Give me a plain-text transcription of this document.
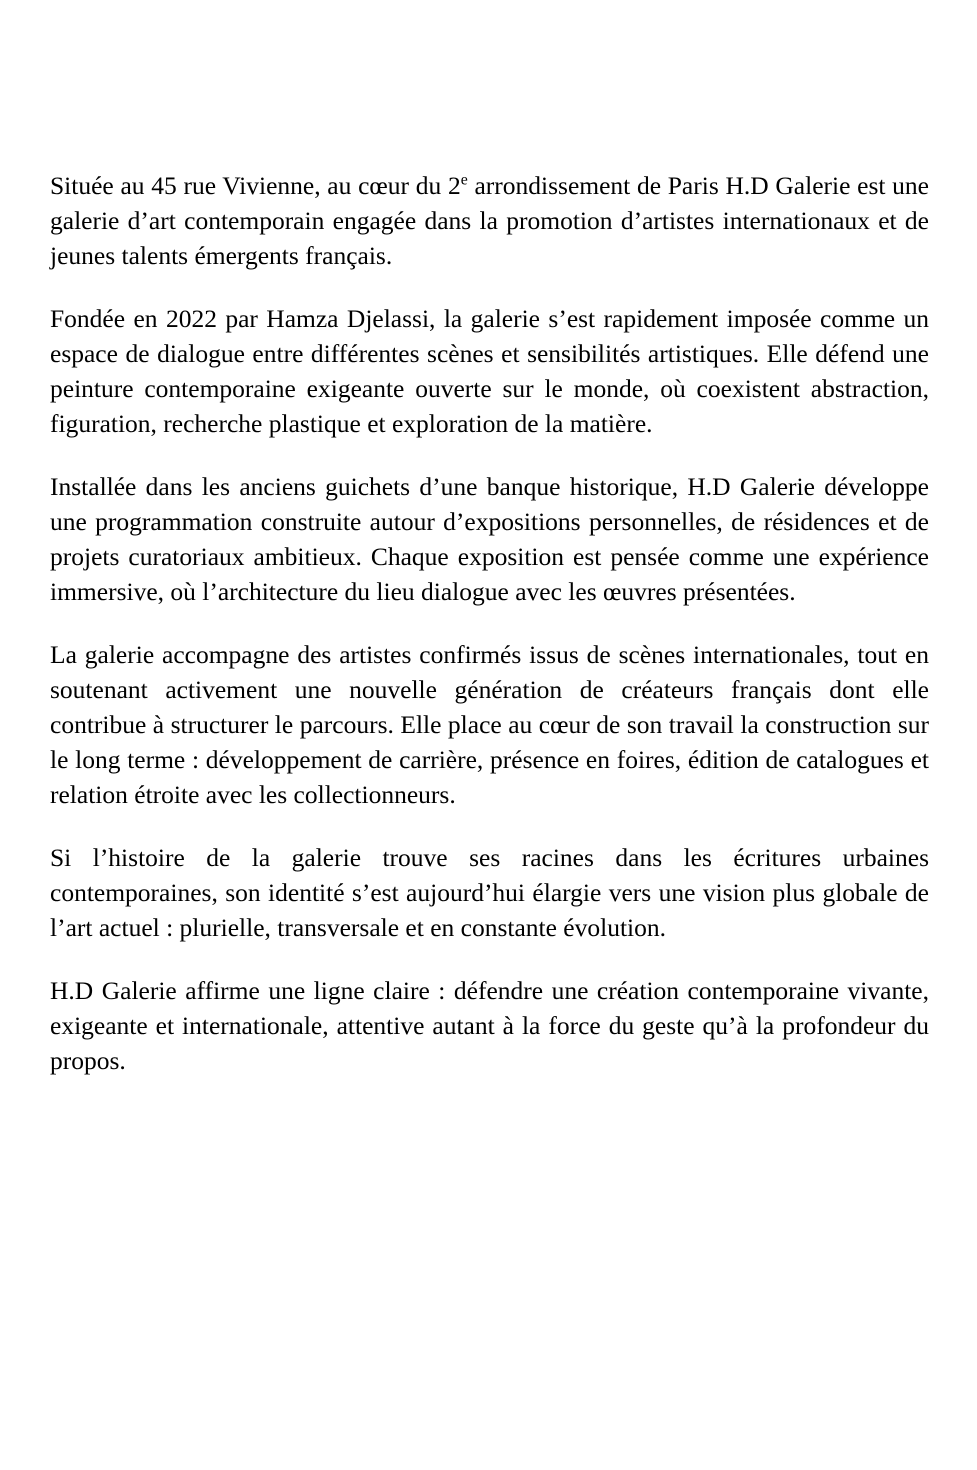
Située au 45 rue Vivienne, au cœur du 2e arrondissement de Paris H.D Galerie est une galerie d’art contemporain engagée dans la promotion d’artistes internationaux et de jeunes talents émergents français.

Fondée en 2022 par Hamza Djelassi, la galerie s’est rapidement imposée comme un espace de dialogue entre différentes scènes et sensibilités artistiques. Elle défend une peinture contemporaine exigeante ouverte sur le monde, où coexistent abstraction, figuration, recherche plastique et exploration de la matière.

Installée dans les anciens guichets d’une banque historique, H.D Galerie développe une programmation construite autour d’expositions personnelles, de résidences et de projets curatoriaux ambitieux. Chaque exposition est pensée comme une expérience immersive, où l’architecture du lieu dialogue avec les œuvres présentées.

La galerie accompagne des artistes confirmés issus de scènes internationales, tout en soutenant activement une nouvelle génération de créateurs français dont elle contribue à structurer le parcours. Elle place au cœur de son travail la construction sur le long terme : développement de carrière, présence en foires, édition de catalogues et relation étroite avec les collectionneurs.

Si l’histoire de la galerie trouve ses racines dans les écritures urbaines contemporaines, son identité s’est aujourd’hui élargie vers une vision plus globale de l’art actuel : plurielle, transversale et en constante évolution.

H.D Galerie affirme une ligne claire : défendre une création contemporaine vivante, exigeante et internationale, attentive autant à la force du geste qu’à la profondeur du propos.
